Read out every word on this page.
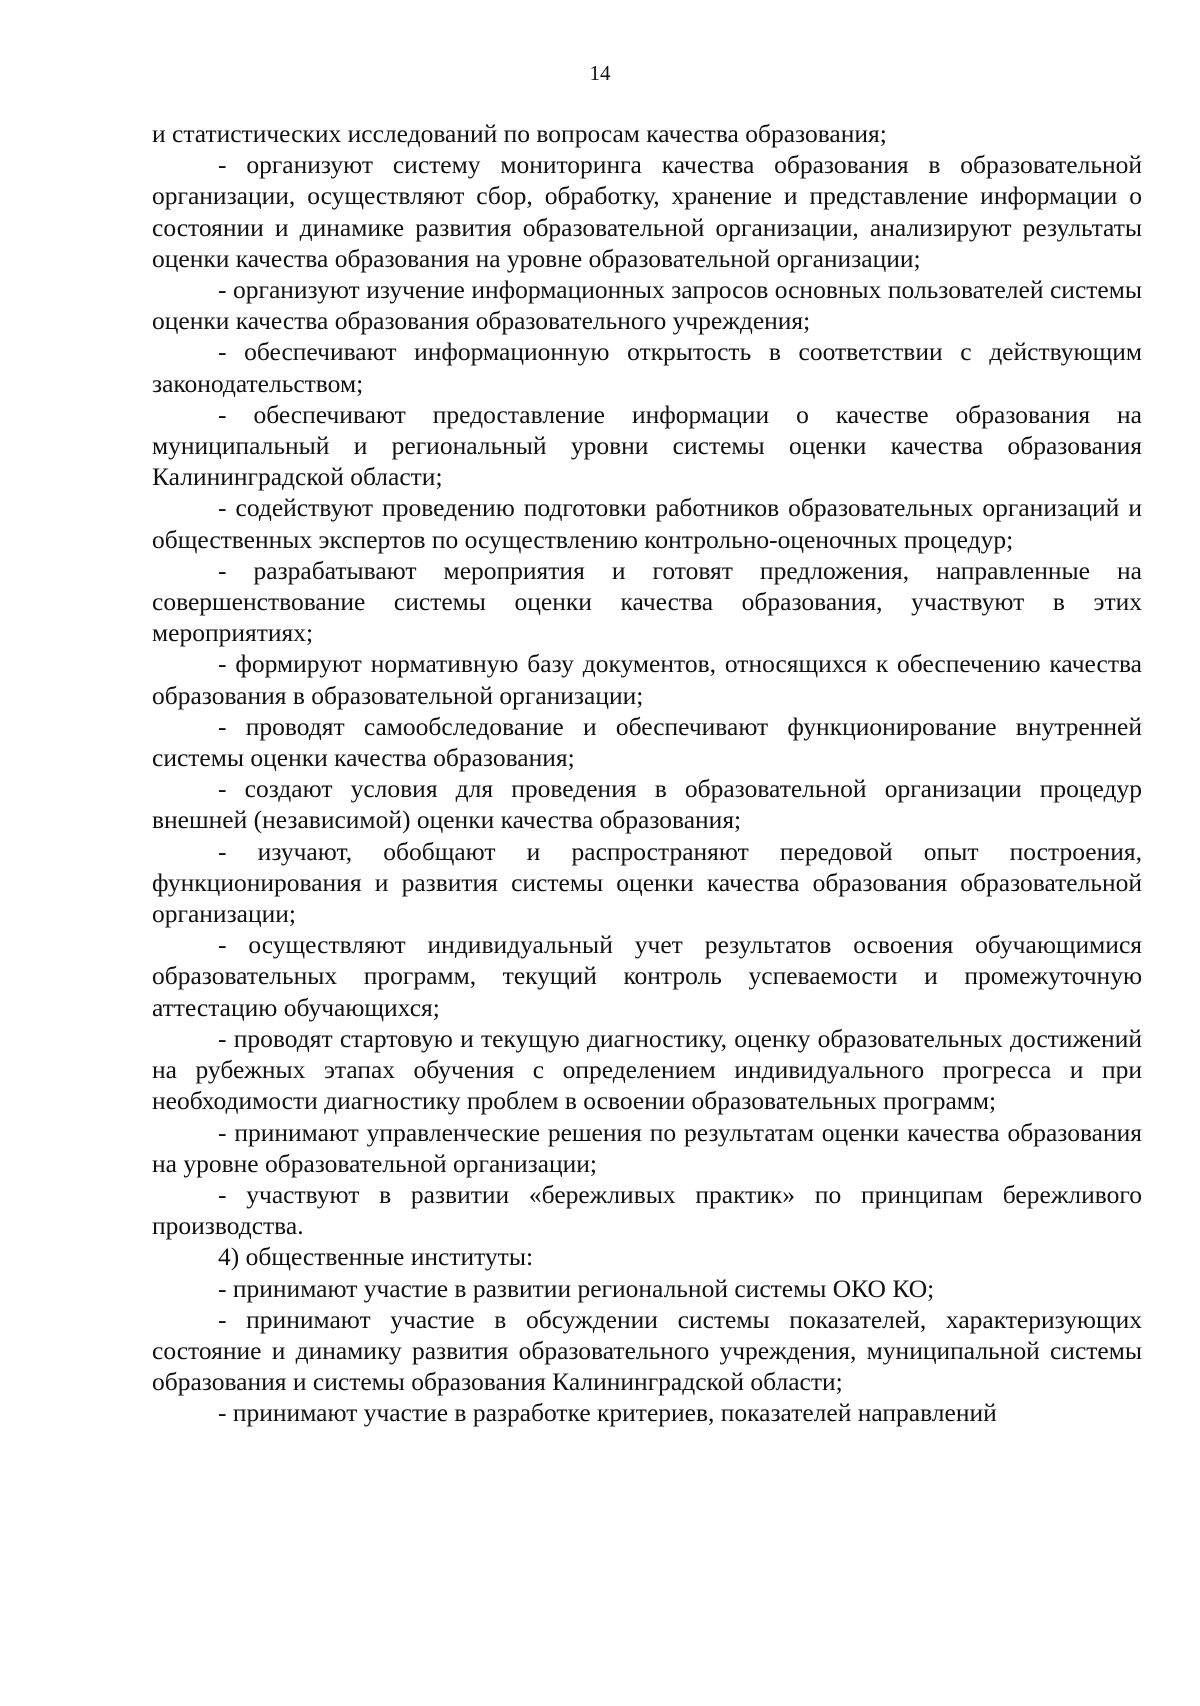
14

и статистических исследований по вопросам качества образования;

- организуют систему мониторинга качества образования в образовательной организации, осуществляют сбор, обработку, хранение и представление информации о состоянии и динамике развития образовательной организации, анализируют результаты оценки качества образования на уровне образовательной организации;

- организуют изучение информационных запросов основных пользователей системы оценки качества образования образовательного учреждения;

- обеспечивают информационную открытость в соответствии с действующим законодательством;

- обеспечивают предоставление информации о качестве образования на муниципальный и региональный уровни системы оценки качества образования Калининградской области;

- содействуют проведению подготовки работников образовательных организаций и общественных экспертов по осуществлению контрольно-оценочных процедур;

- разрабатывают мероприятия и готовят предложения, направленные на совершенствование системы оценки качества образования, участвуют в этих мероприятиях;

- формируют нормативную базу документов, относящихся к обеспечению качества образования в образовательной организации;

- проводят самообследование и обеспечивают функционирование внутренней системы оценки качества образования;

- создают условия для проведения в образовательной организации процедур внешней (независимой) оценки качества образования;

- изучают, обобщают и распространяют передовой опыт построения, функционирования и развития системы оценки качества образования образовательной организации;

- осуществляют индивидуальный учет результатов освоения обучающимися образовательных программ, текущий контроль успеваемости и промежуточную аттестацию обучающихся;

- проводят стартовую и текущую диагностику, оценку образовательных достижений на рубежных этапах обучения с определением индивидуального прогресса и при необходимости диагностику проблем в освоении образовательных программ;

- принимают управленческие решения по результатам оценки качества образования на уровне образовательной организации;

- участвуют в развитии «бережливых практик» по принципам бережливого производства.

4) общественные институты:

- принимают участие в развитии региональной системы ОКО КО;

- принимают участие в обсуждении системы показателей, характеризующих состояние и динамику развития образовательного учреждения, муниципальной системы образования и системы образования Калининградской области;

- принимают участие в разработке критериев, показателей направлений
